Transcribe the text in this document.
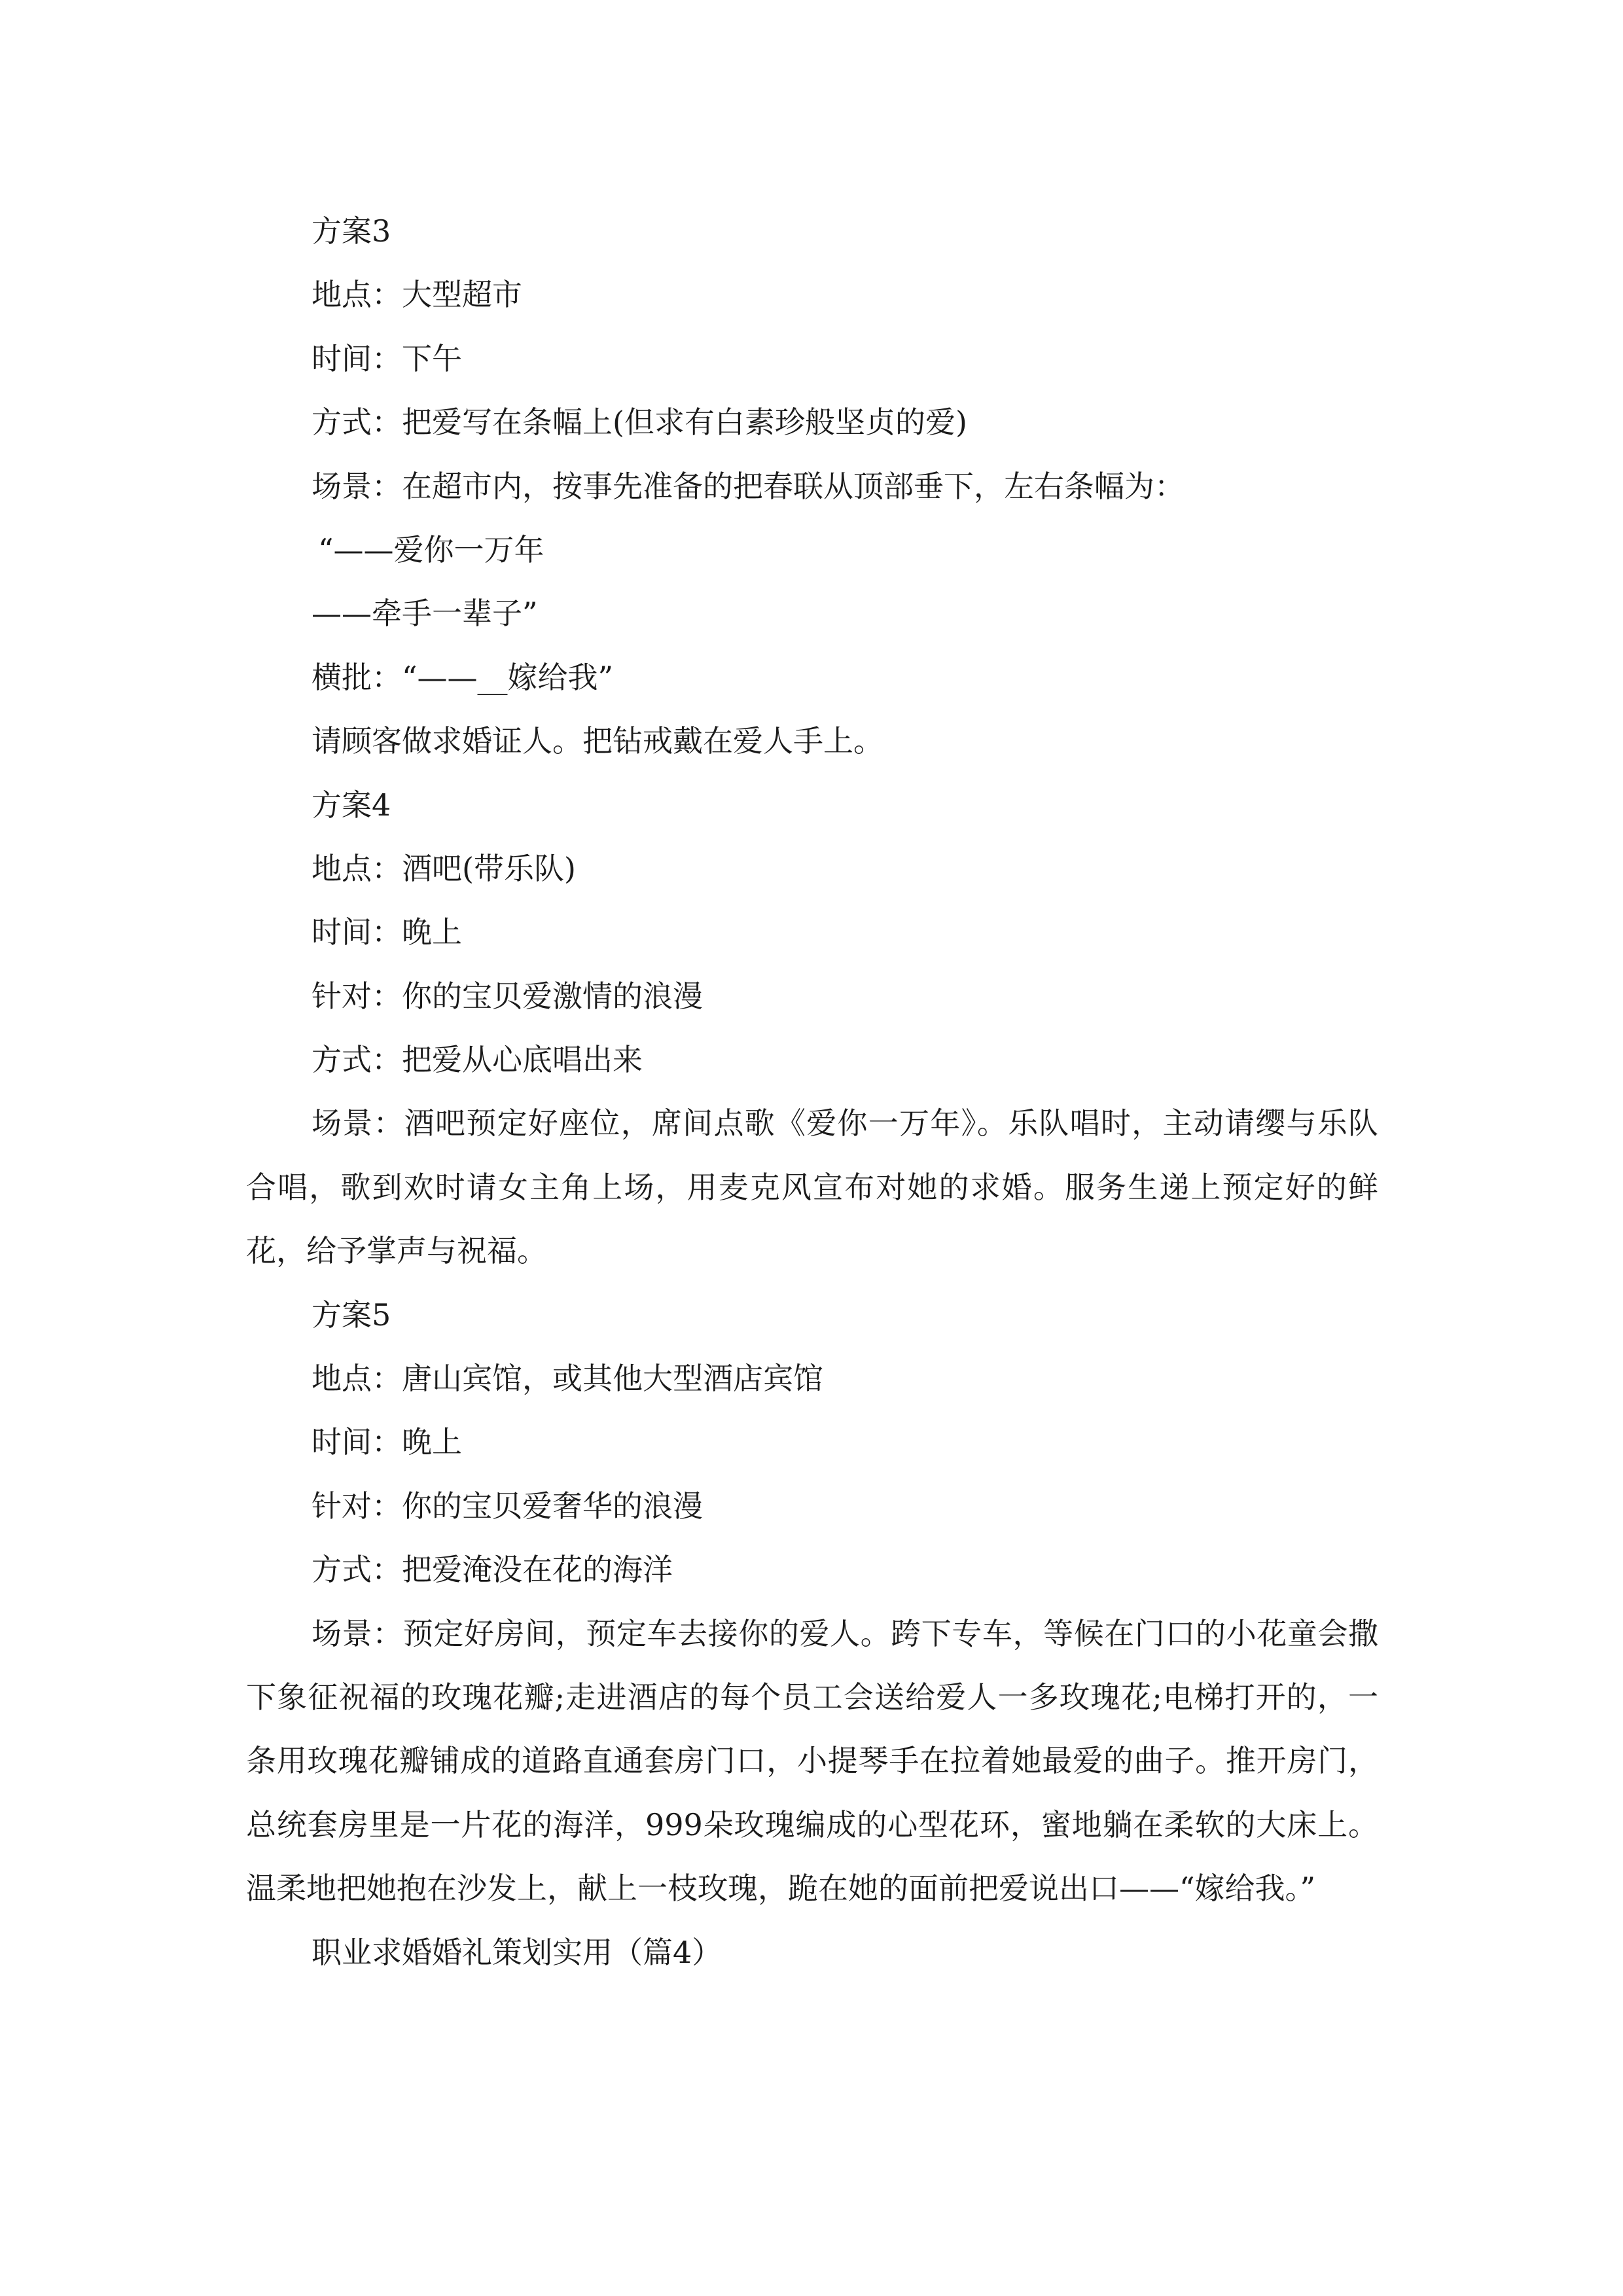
方案3

地点：大型超市

时间：下午

方式：把爱写在条幅上(但求有白素珍般坚贞的爱)

场景：在超市内，按事先准备的把春联从顶部垂下，左右条幅为：

“——爱你一万年

——牵手一辈子”

横批：“——__嫁给我”

请顾客做求婚证人。把钻戒戴在爱人手上。

方案4

地点：酒吧(带乐队)

时间：晚上

针对：你的宝贝爱激情的浪漫

方式：把爱从心底唱出来

场景：酒吧预定好座位，席间点歌《爱你一万年》。乐队唱时，主动请缨与乐队合唱，歌到欢时请女主角上场，用麦克风宣布对她的求婚。服务生递上预定好的鲜花，给予掌声与祝福。

方案5

地点：唐山宾馆，或其他大型酒店宾馆

时间：晚上

针对：你的宝贝爱奢华的浪漫

方式：把爱淹没在花的海洋

场景：预定好房间，预定车去接你的爱人。跨下专车，等候在门口的小花童会撒下象征祝福的玫瑰花瓣;走进酒店的每个员工会送给爱人一多玫瑰花;电梯打开的，一条用玫瑰花瓣铺成的道路直通套房门口，小提琴手在拉着她最爱的曲子。推开房门，总统套房里是一片花的海洋，999朵玫瑰编成的心型花环，蜜地躺在柔软的大床上。温柔地把她抱在沙发上，献上一枝玫瑰，跪在她的面前把爱说出口——“嫁给我。”

职业求婚婚礼策划实用（篇4）
